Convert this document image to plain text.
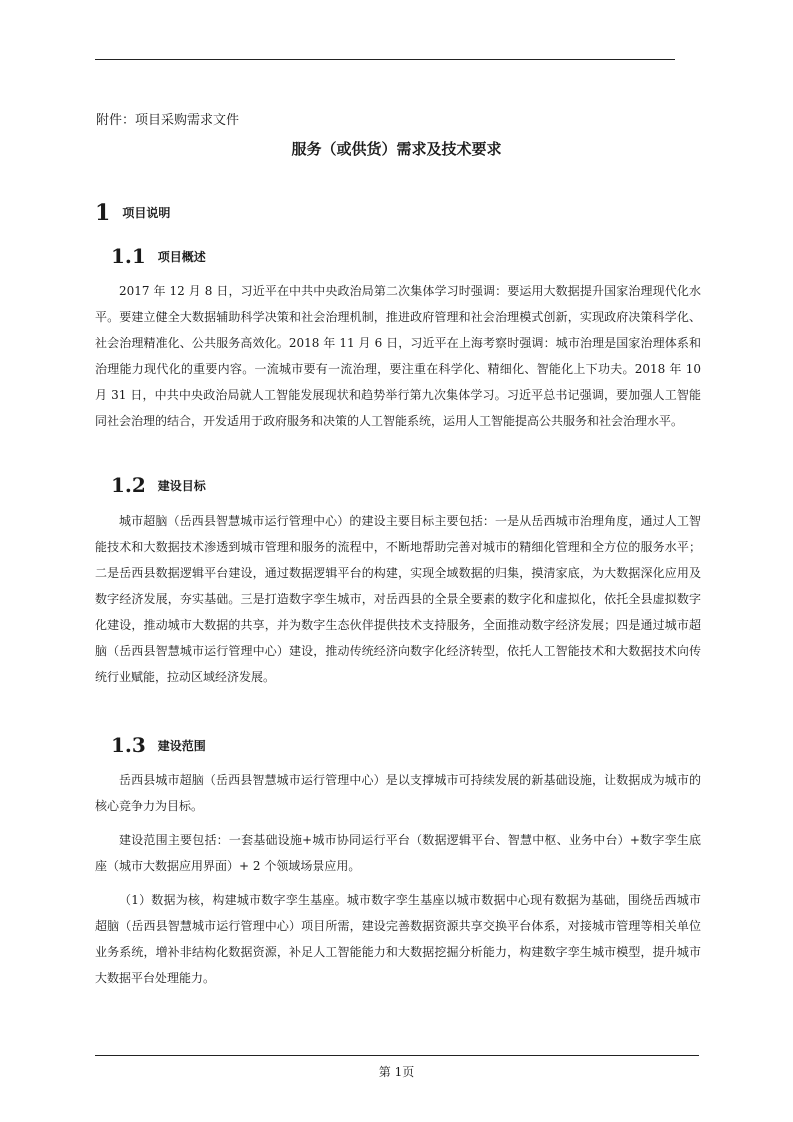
附件：项目采购需求文件
服务（或供货）需求及技术要求
1 项目说明
1.1 项目概述

2017 年 12 月 8 日，习近平在中共中央政治局第二次集体学习时强调：要运用大数据提升国家治理现代化水平。要建立健全大数据辅助科学决策和社会治理机制，推进政府管理和社会治理模式创新，实现政府决策科学化、社会治理精准化、公共服务高效化。2018 年 11 月 6 日，习近平在上海考察时强调：城市治理是国家治理体系和治理能力现代化的重要内容。一流城市要有一流治理，要注重在科学化、精细化、智能化上下功夫。2018 年 10 月 31 日，中共中央政治局就人工智能发展现状和趋势举行第九次集体学习。习近平总书记强调，要加强人工智能同社会治理的结合，开发适用于政府服务和决策的人工智能系统，运用人工智能提高公共服务和社会治理水平。

1.2 建设目标

城市超脑（岳西县智慧城市运行管理中心）的建设主要目标主要包括：一是从岳西城市治理角度，通过人工智能技术和大数据技术渗透到城市管理和服务的流程中，不断地帮助完善对城市的精细化管理和全方位的服务水平；二是岳西县数据逻辑平台建设，通过数据逻辑平台的构建，实现全域数据的归集，摸清家底，为大数据深化应用及数字经济发展，夯实基础。三是打造数字孪生城市，对岳西县的全景全要素的数字化和虚拟化，依托全县虚拟数字化建设，推动城市大数据的共享，并为数字生态伙伴提供技术支持服务，全面推动数字经济发展；四是通过城市超脑（岳西县智慧城市运行管理中心）建设，推动传统经济向数字化经济转型，依托人工智能技术和大数据技术向传统行业赋能，拉动区域经济发展。

1.3 建设范围

岳西县城市超脑（岳西县智慧城市运行管理中心）是以支撑城市可持续发展的新基础设施，让数据成为城市的核心竞争力为目标。

建设范围主要包括：一套基础设施+城市协同运行平台（数据逻辑平台、智慧中枢、业务中台）+数字孪生底座（城市大数据应用界面）+ 2 个领域场景应用。

（1）数据为核，构建城市数字孪生基座。城市数字孪生基座以城市数据中心现有数据为基础，围绕岳西城市超脑（岳西县智慧城市运行管理中心）项目所需，建设完善数据资源共享交换平台体系，对接城市管理等相关单位业务系统，增补非结构化数据资源，补足人工智能能力和大数据挖掘分析能力，构建数字孪生城市模型，提升城市大数据平台处理能力。

第 1页
